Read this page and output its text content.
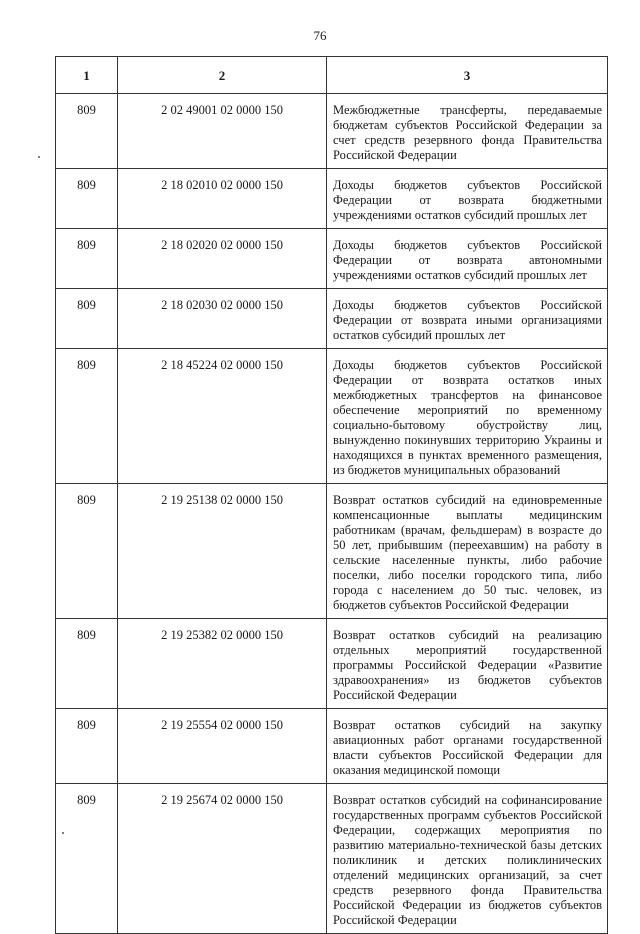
76
1	2	3
809	2 02 49001 02 0000 150	Межбюджетные трансферты, передаваемые бюджетам субъектов Российской Федерации за счет средств резервного фонда Правительства Российской Федерации
809	2 18 02010 02 0000 150	Доходы бюджетов субъектов Российской Федерации от возврата бюджетными учреждениями остатков субсидий прошлых лет
809	2 18 02020 02 0000 150	Доходы бюджетов субъектов Российской Федерации от возврата автономными учреждениями остатков субсидий прошлых лет
809	2 18 02030 02 0000 150	Доходы бюджетов субъектов Российской Федерации от возврата иными организациями остатков субсидий прошлых лет
809	2 18 45224 02 0000 150	Доходы бюджетов субъектов Российской Федерации от возврата остатков иных межбюджетных трансфертов на финансовое обеспечение мероприятий по временному социально-бытовому обустройству лиц, вынужденно покинувших территорию Украины и находящихся в пунктах временного размещения, из бюджетов муниципальных образований
809	2 19 25138 02 0000 150	Возврат остатков субсидий на единовременные компенсационные выплаты медицинским работникам (врачам, фельдшерам) в возрасте до 50 лет, прибывшим (переехавшим) на работу в сельские населенные пункты, либо рабочие поселки, либо поселки городского типа, либо города с населением до 50 тыс. человек, из бюджетов субъектов Российской Федерации
809	2 19 25382 02 0000 150	Возврат остатков субсидий на реализацию отдельных мероприятий государственной программы Российской Федерации «Развитие здравоохранения» из бюджетов субъектов Российской Федерации
809	2 19 25554 02 0000 150	Возврат остатков субсидий на закупку авиационных работ органами государственной власти субъектов Российской Федерации для оказания медицинской помощи
809	2 19 25674 02 0000 150	Возврат остатков субсидий на софинансирование государственных программ субъектов Российской Федерации, содержащих мероприятия по развитию материально-технической базы детских поликлиник и детских поликлинических отделений медицинских организаций, за счет средств резервного фонда Правительства Российской Федерации из бюджетов субъектов Российской Федерации
